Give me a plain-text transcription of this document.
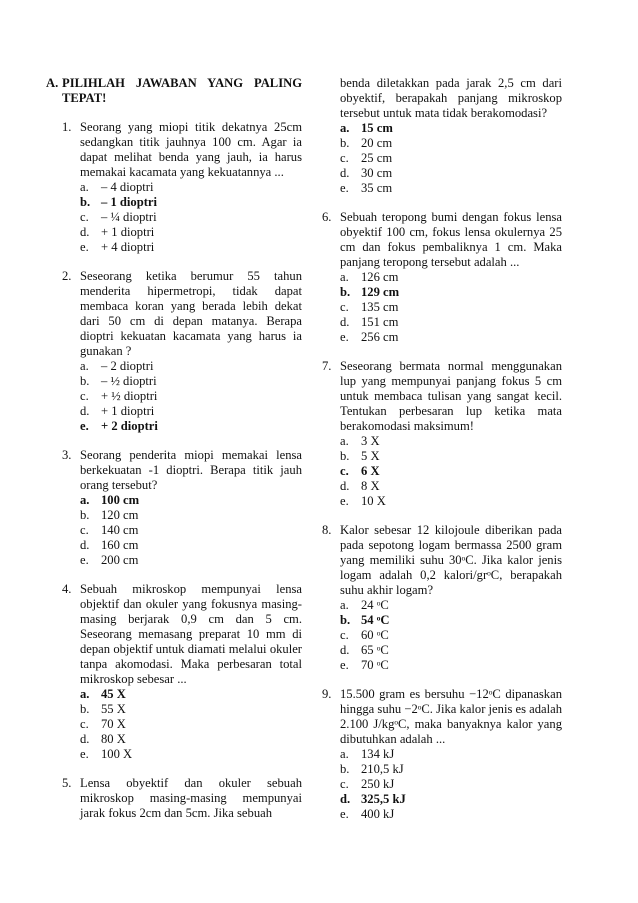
A. PILIHLAH JAWABAN YANG PALING TEPAT!
1. Seorang yang miopi titik dekatnya 25cm sedangkan titik jauhnya 100 cm. Agar ia dapat melihat benda yang jauh, ia harus memakai kacamata yang kekuatannya ...
a. – 4 dioptri
b. – 1 dioptri
c. – ¼ dioptri
d. + 1 dioptri
e. + 4 dioptri
2. Seseorang ketika berumur 55 tahun menderita hipermetropi, tidak dapat membaca koran yang berada lebih dekat dari 50 cm di depan matanya. Berapa dioptri kekuatan kacamata yang harus ia gunakan ?
a. – 2 dioptri
b. – ½ dioptri
c. + ½ dioptri
d. + 1 dioptri
e. + 2 dioptri
3. Seorang penderita miopi memakai lensa berkekuatan -1 dioptri. Berapa titik jauh orang tersebut?
a. 100 cm
b. 120 cm
c. 140 cm
d. 160 cm
e. 200 cm
4. Sebuah mikroskop mempunyai lensa objektif dan okuler yang fokusnya masing-masing berjarak 0,9 cm dan 5 cm. Seseorang memasang preparat 10 mm di depan objektif untuk diamati melalui okuler tanpa akomodasi. Maka perbesaran total mikroskop sebesar ...
a. 45 X
b. 55 X
c. 70 X
d. 80 X
e. 100 X
5. Lensa obyektif dan okuler sebuah mikroskop masing-masing mempunyai jarak fokus 2cm dan 5cm. Jika sebuah
benda diletakkan pada jarak 2,5 cm dari obyektif, berapakah panjang mikroskop tersebut untuk mata tidak berakomodasi?
a. 15 cm
b. 20 cm
c. 25 cm
d. 30 cm
e. 35 cm
6. Sebuah teropong bumi dengan fokus lensa obyektif 100 cm, fokus lensa okulernya 25 cm dan fokus pembaliknya 1 cm. Maka panjang teropong tersebut adalah ...
a. 126 cm
b. 129 cm
c. 135 cm
d. 151 cm
e. 256 cm
7. Seseorang bermata normal menggunakan lup yang mempunyai panjang fokus 5 cm untuk membaca tulisan yang sangat kecil. Tentukan perbesaran lup ketika mata berakomodasi maksimum!
a. 3 X
b. 5 X
c. 6 X
d. 8 X
e. 10 X
8. Kalor sebesar 12 kilojoule diberikan pada pada sepotong logam bermassa 2500 gram yang memiliki suhu 30ᵒC. Jika kalor jenis logam adalah 0,2 kalori/grᵒC, berapakah suhu akhir logam?
a. 24 ᵒC
b. 54 ᵒC
c. 60 ᵒC
d. 65 ᵒC
e. 70 ᵒC
9. 15.500 gram es bersuhu −12ᵒC dipanaskan hingga suhu −2ᵒC. Jika kalor jenis es adalah 2.100 J/kgᵒC, maka banyaknya kalor yang dibutuhkan adalah ...
a. 134 kJ
b. 210,5 kJ
c. 250 kJ
d. 325,5 kJ
e. 400 kJ
